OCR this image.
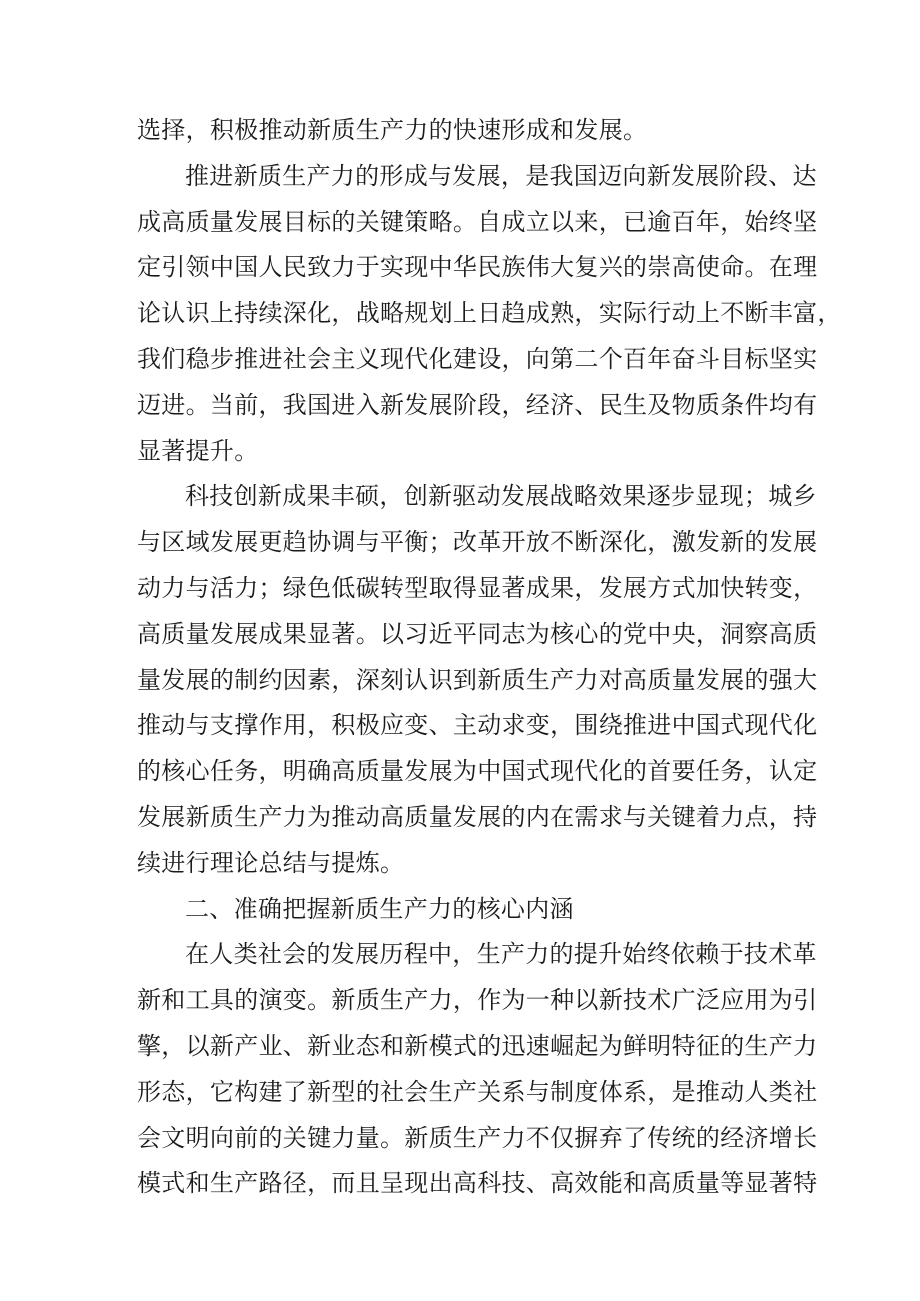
选择，积极推动新质生产力的快速形成和发展。
推进新质生产力的形成与发展，是我国迈向新发展阶段、达
成高质量发展目标的关键策略。自成立以来，已逾百年，始终坚
定引领中国人民致力于实现中华民族伟大复兴的崇高使命。在理
论认识上持续深化，战略规划上日趋成熟，实际行动上不断丰富，
我们稳步推进社会主义现代化建设，向第二个百年奋斗目标坚实
迈进。当前，我国进入新发展阶段，经济、民生及物质条件均有
显著提升。
科技创新成果丰硕，创新驱动发展战略效果逐步显现；城乡
与区域发展更趋协调与平衡；改革开放不断深化，激发新的发展
动力与活力；绿色低碳转型取得显著成果，发展方式加快转变，
高质量发展成果显著。以习近平同志为核心的党中央，洞察高质
量发展的制约因素，深刻认识到新质生产力对高质量发展的强大
推动与支撑作用，积极应变、主动求变，围绕推进中国式现代化
的核心任务，明确高质量发展为中国式现代化的首要任务，认定
发展新质生产力为推动高质量发展的内在需求与关键着力点，持
续进行理论总结与提炼。
二、准确把握新质生产力的核心内涵
在人类社会的发展历程中，生产力的提升始终依赖于技术革
新和工具的演变。新质生产力，作为一种以新技术广泛应用为引
擎，以新产业、新业态和新模式的迅速崛起为鲜明特征的生产力
形态，它构建了新型的社会生产关系与制度体系，是推动人类社
会文明向前的关键力量。新质生产力不仅摒弃了传统的经济增长
模式和生产路径，而且呈现出高科技、高效能和高质量等显著特
